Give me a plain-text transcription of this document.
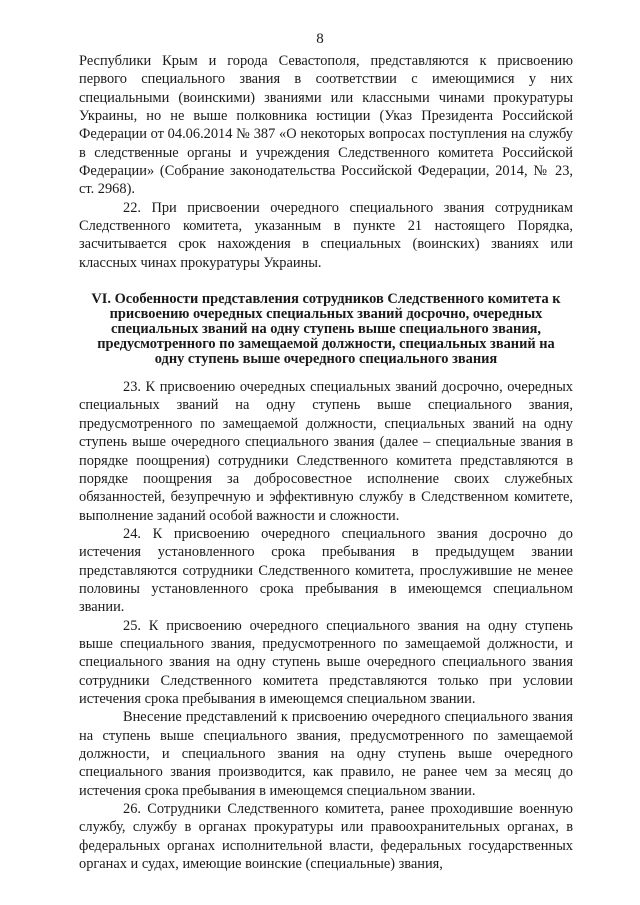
8

Республики Крым и города Севастополя, представляются к присвоению первого специального звания в соответствии с имеющимися у них специальными (воинскими) званиями или классными чинами прокуратуры Украины, но не выше полковника юстиции (Указ Президента Российской Федерации от 04.06.2014 № 387 «О некоторых вопросах поступления на службу в следственные органы и учреждения Следственного комитета Российской Федерации» (Собрание законодательства Российской Федерации, 2014, № 23, ст. 2968).

22. При присвоении очередного специального звания сотрудникам Следственного комитета, указанным в пункте 21 настоящего Порядка, засчитывается срок нахождения в специальных (воинских) званиях или классных чинах прокуратуры Украины.

VI. Особенности представления сотрудников Следственного комитета к присвоению очередных специальных званий досрочно, очередных специальных званий на одну ступень выше специального звания, предусмотренного по замещаемой должности, специальных званий на одну ступень выше очередного специального звания

23. К присвоению очередных специальных званий досрочно, очередных специальных званий на одну ступень выше специального звания, предусмотренного по замещаемой должности, специальных званий на одну ступень выше очередного специального звания (далее – специальные звания в порядке поощрения) сотрудники Следственного комитета представляются в порядке поощрения за добросовестное исполнение своих служебных обязанностей, безупречную и эффективную службу в Следственном комитете, выполнение заданий особой важности и сложности.

24. К присвоению очередного специального звания досрочно до истечения установленного срока пребывания в предыдущем звании представляются сотрудники Следственного комитета, прослужившие не менее половины установленного срока пребывания в имеющемся специальном звании.

25. К присвоению очередного специального звания на одну ступень выше специального звания, предусмотренного по замещаемой должности, и специального звания на одну ступень выше очередного специального звания сотрудники Следственного комитета представляются только при условии истечения срока пребывания в имеющемся специальном звании.

Внесение представлений к присвоению очередного специального звания на ступень выше специального звания, предусмотренного по замещаемой должности, и специального звания на одну ступень выше очередного специального звания производится, как правило, не ранее чем за месяц до истечения срока пребывания в имеющемся специальном звании.

26. Сотрудники Следственного комитета, ранее проходившие военную службу, службу в органах прокуратуры или правоохранительных органах, в федеральных органах исполнительной власти, федеральных государственных органах и судах, имеющие воинские (специальные) звания,
